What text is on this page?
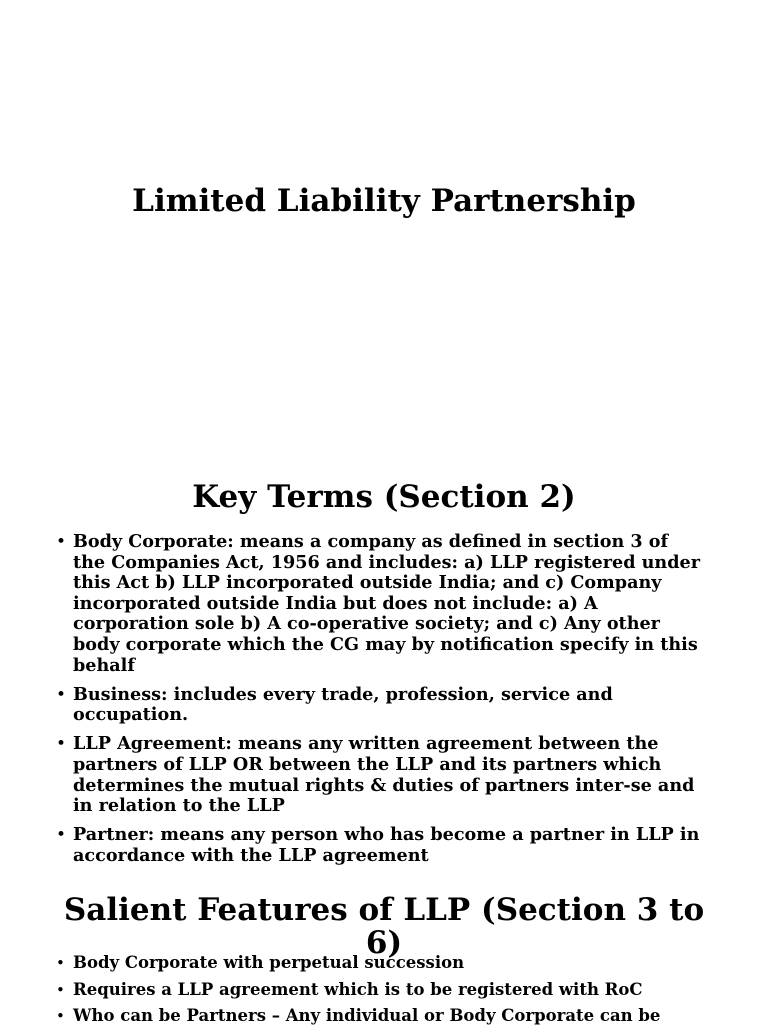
Limited Liability Partnership
Key Terms (Section 2)
• Body Corporate: means a company as defined in section 3 of the Companies Act, 1956 and includes: a) LLP registered under this Act b) LLP incorporated outside India; and c) Company incorporated outside India but does not include: a) A corporation sole b) A co-operative society; and c) Any other body corporate which the CG may by notification specify in this behalf
• Business: includes every trade, profession, service and occupation.
• LLP Agreement: means any written agreement between the partners of LLP OR between the LLP and its partners which determines the mutual rights & duties of partners inter-se and in relation to the LLP
• Partner: means any person who has become a partner in LLP in accordance with the LLP agreement
• Body Corporate with perpetual succession
• Requires a LLP agreement which is to be registered with RoC
• Who can be Partners – Any individual or Body Corporate can be
Salient Features of LLP (Section 3 to 6)
